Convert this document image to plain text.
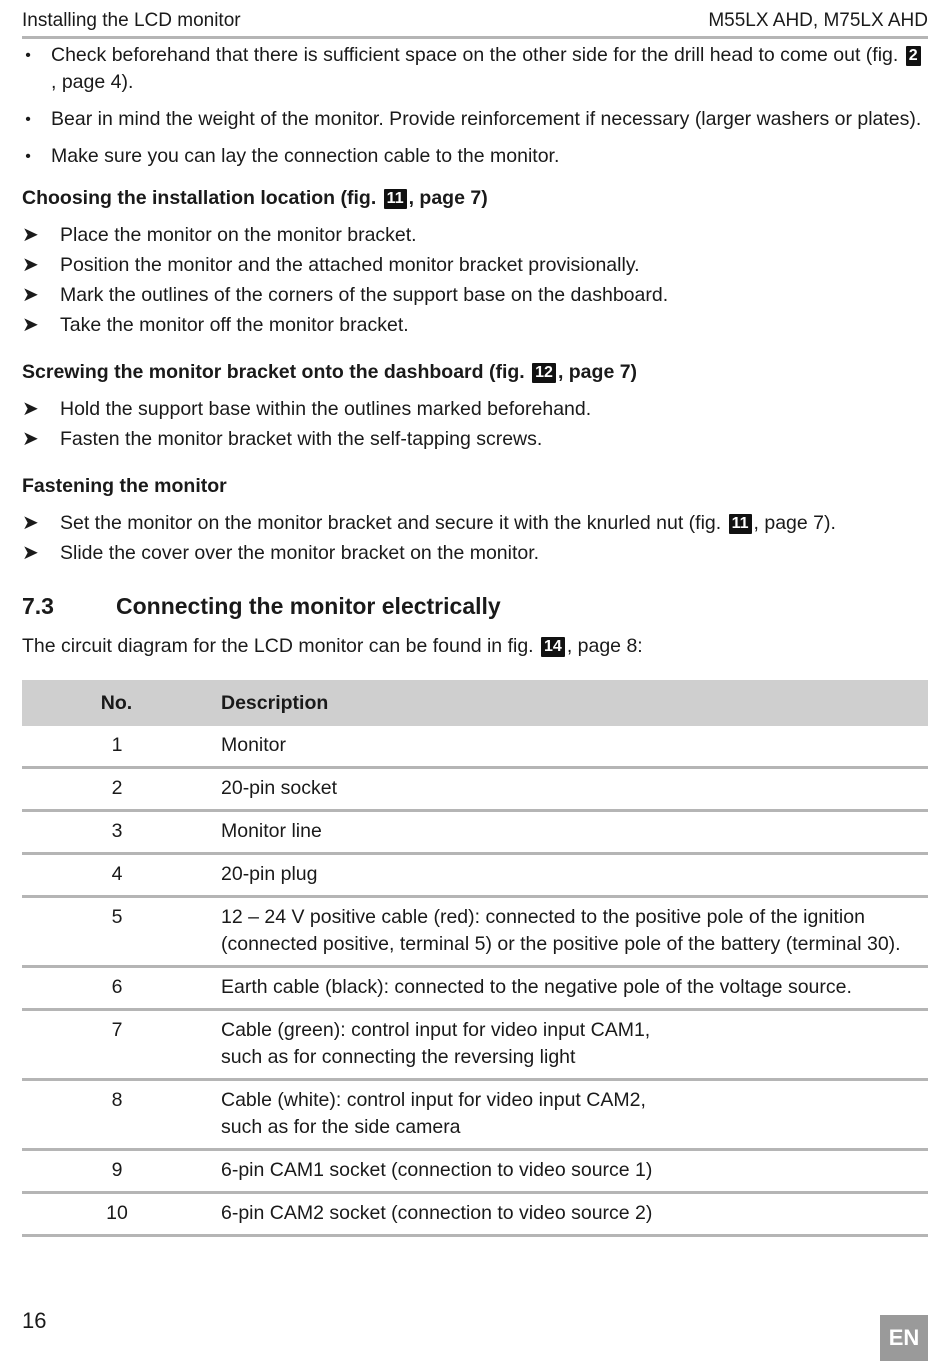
Installing the LCD monitor	M55LX AHD, M75LX AHD
• Check beforehand that there is sufficient space on the other side for the drill head to come out (fig. 2, page 4).
• Bear in mind the weight of the monitor. Provide reinforcement if necessary (larger washers or plates).
• Make sure you can lay the connection cable to the monitor.
Choosing the installation location (fig. 11 , page 7)
➤ Place the monitor on the monitor bracket.
➤ Position the monitor and the attached monitor bracket provisionally.
➤ Mark the outlines of the corners of the support base on the dashboard.
➤ Take the monitor off the monitor bracket.
Screwing the monitor bracket onto the dashboard (fig. 12 , page 7)
➤ Hold the support base within the outlines marked beforehand.
➤ Fasten the monitor bracket with the self-tapping screws.
Fastening the monitor
➤ Set the monitor on the monitor bracket and secure it with the knurled nut (fig. 11 , page 7).
➤ Slide the cover over the monitor bracket on the monitor.
7.3	Connecting the monitor electrically
The circuit diagram for the LCD monitor can be found in fig. 14 , page 8:
No.	Description
1	Monitor
2	20-pin socket
3	Monitor line
4	20-pin plug
5	12 – 24 V positive cable (red): connected to the positive pole of the ignition (connected positive, terminal 5) or the positive pole of the battery (terminal 30).
6	Earth cable (black): connected to the negative pole of the voltage source.
7	Cable (green): control input for video input CAM1,
such as for connecting the reversing light
8	Cable (white): control input for video input CAM2,
such as for the side camera
9	6-pin CAM1 socket (connection to video source 1)
10	6-pin CAM2 socket (connection to video source 2)
16
EN
